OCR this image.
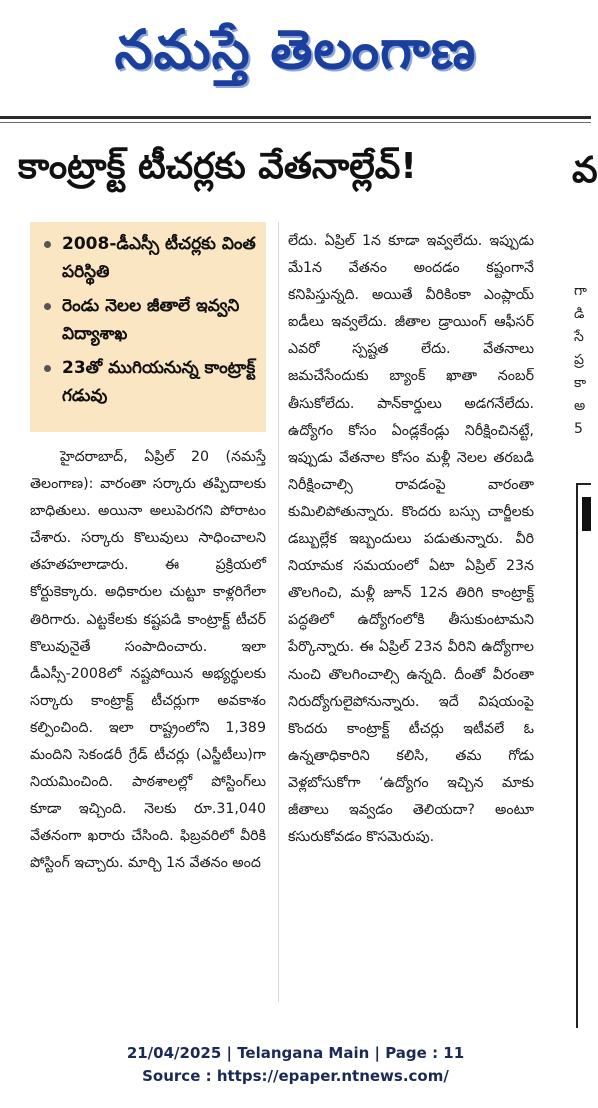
నమస్తే తెలంగాణ
కాంట్రాక్ట్ టీచర్లకు వేతనాల్లేవ్!	వ
2008-డీఎస్సీ టీచర్లకు వింత పరిస్థితి
రెండు నెలల జీతాలే ఇవ్వని విద్యాశాఖ
23తో ముగియనున్న కాంట్రాక్ట్ గడువు

హైదరాబాద్, ఏప్రిల్ 20 (నమస్తే తెలంగాణ): వారంతా సర్కారు తప్పిదాలకు బాధితులు. అయినా అలుపెరగని పోరాటం చేశారు. సర్కారు కొలువులు సాధించాలని తహతహలాడారు. ఈ ప్రక్రియలో కోర్టుకెక్కారు. అధికారుల చుట్టూ కాళ్లరిగేలా తిరిగారు. ఎట్టకేలకు కష్టపడి కాంట్రాక్ట్ టీచర్ కొలువునైతే సంపాదించారు. ఇలా డీఎస్సీ-2008లో నష్టపోయిన అభ్యర్థులకు సర్కారు కాంట్రాక్ట్ టీచర్లుగా అవకాశం కల్పించింది. ఇలా రాష్ట్రంలోని 1,389 మందిని సెకండరీ గ్రేడ్ టీచర్లు (ఎస్జీటీలు)గా నియమించింది. పాఠశాలల్లో పోస్టింగ్‌లు కూడా ఇచ్చింది. నెలకు రూ.31,040 వేతనంగా ఖరారు చేసింది. ఫిబ్రవరిలో వీరికి పోస్టింగ్ ఇచ్చారు. మార్చి 1న వేతనం అంద

లేదు. ఏప్రిల్ 1న కూడా ఇవ్వలేదు. ఇప్పుడు మే1న వేతనం అందడం కష్టంగానే కనిపిస్తున్నది. అయితే వీరికింకా ఎంప్లాయ్ ఐడీలు ఇవ్వలేదు. జీతాల డ్రాయింగ్ ఆఫీసర్ ఎవరో స్పష్టత లేదు. వేతనాలు జమచేసేందుకు బ్యాంక్ ఖాతా నంబర్ తీసుకోలేదు. పాన్‌కార్డులు అడగనేలేదు. ఉద్యోగం కోసం ఏండ్లకేండ్లు నిరీక్షించినట్టే, ఇప్పుడు వేతనాల కోసం మళ్లీ నెలల తరబడి నిరీక్షించాల్సి రావడంపై వారంతా కుమిలిపోతున్నారు. కొందరు బస్సు చార్జీలకు డబ్బుల్లేక ఇబ్బందులు పడుతున్నారు. వీరి నియామక సమయంలో ఏటా ఏప్రిల్ 23న తొలగించి, మళ్లీ జూన్ 12న తిరిగి కాంట్రాక్ట్ పద్ధతిలో ఉద్యోగంలోకి తీసుకుంటామని పేర్కొన్నారు. ఈ ఏప్రిల్ 23న వీరిని ఉద్యోగాల నుంచి తొలగించాల్సి ఉన్నది. దీంతో వీరంతా నిరుద్యోగులైపోనున్నారు. ఇదే విషయంపై కొందరు కాంట్రాక్ట్ టీచర్లు ఇటీవలే ఓ ఉన్నతాధికారిని కలిసి, తమ గోడు వెళ్లబోసుకోగా ‘ఉద్యోగం ఇచ్చిన మాకు జీతాలు ఇవ్వడం తెలియదా? అంటూ కసురుకోవడం కొసమెరుపు.

గా
డి
సే
ప్ర
కా
అ
5
21/04/2025 | Telangana Main | Page : 11
Source : https://epaper.ntnews.com/
